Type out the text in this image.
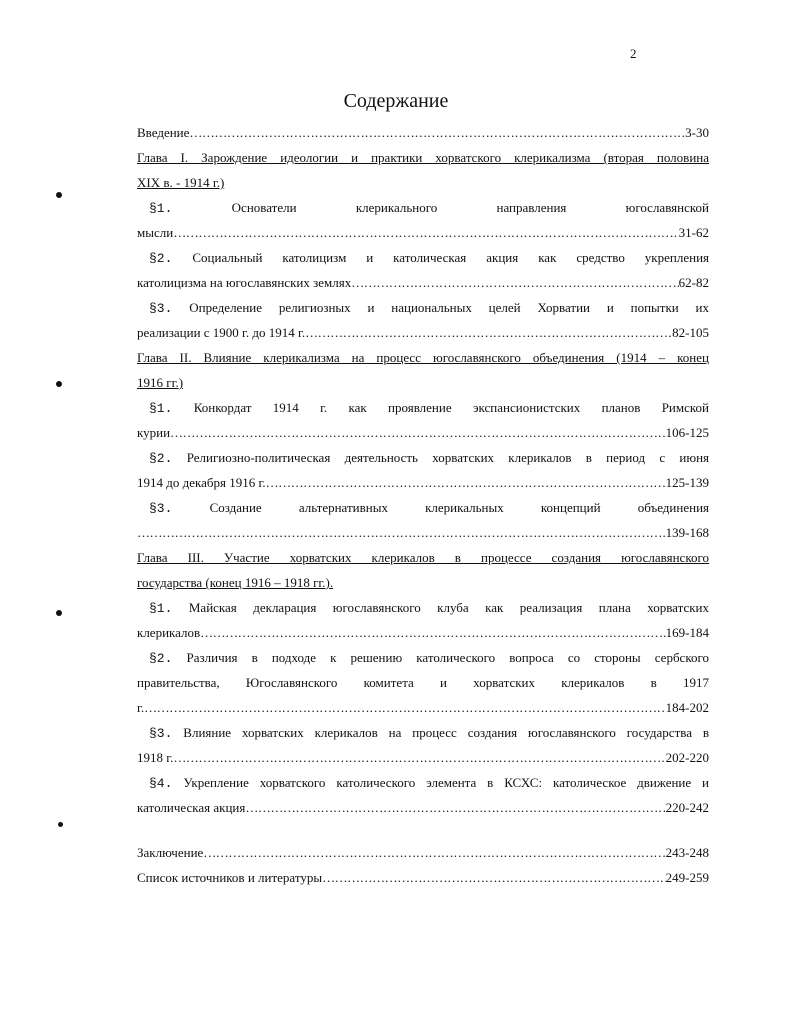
2
Содержание
Введение ………………………………………………………………………………………………………………………………………………………………………………………………	3-30
Глава I. Зарождение идеологии и практики хорватского клерикализма (вторая половина
XIX в. - 1914 г.)
§1.	Основатели клерикального направления югославянской
мысли ………………………………………………………………………………………………………………………………………………………………………………………………	31-62
§2. Социальный католицизм и католическая акция как средство укрепления
католицизма на югославянских землях ………………………………………………………………………………………………………………………………………………………………………………………………	62-82
§3. Определение религиозных и национальных целей Хорватии и попытки их
реализации с 1900 г. до 1914 г. ………………………………………………………………………………………………………………………………………………………………………………………………	82-105
Глава II. Влияние клерикализма на процесс югославянского объединения (1914 – конец
1916 гг.)
§1. Конкордат 1914 г. как проявление экспансионистских планов Римской
курии ………………………………………………………………………………………………………………………………………………………………………………………………	106-125
§2. Религиозно-политическая деятельность хорватских клерикалов в период с июня
1914 до декабря 1916 г. ………………………………………………………………………………………………………………………………………………………………………………………………	125-139
§3.	Создание альтернативных клерикальных концепций объединения
………………………………………………………………………………………………………………………………………………………………………………………………
139-168
Глава III. Участие хорватских клерикалов в процессе создания югославянского
государства (конец 1916 – 1918 гг.).
§1. Майская декларация югославянского клуба как реализация плана хорватских
клерикалов ………………………………………………………………………………………………………………………………………………………………………………………………	169-184
§2. Различия в подходе к решению католического вопроса со стороны сербского
правительства, Югославянского комитета и хорватских клерикалов в 1917
г. ………………………………………………………………………………………………………………………………………………………………………………………………	184-202
§3. Влияние хорватских клерикалов на процесс создания югославянского государства в
1918 г. ………………………………………………………………………………………………………………………………………………………………………………………………	202-220
§4. Укрепление хорватского католического элемента в КСХС: католическое движение и
католическая акция ………………………………………………………………………………………………………………………………………………………………………………………………	220-242
Заключение ………………………………………………………………………………………………………………………………………………………………………………………………	243-248
Список источников и литературы ………………………………………………………………………………………………………………………………………………………………………………………………	249-259
